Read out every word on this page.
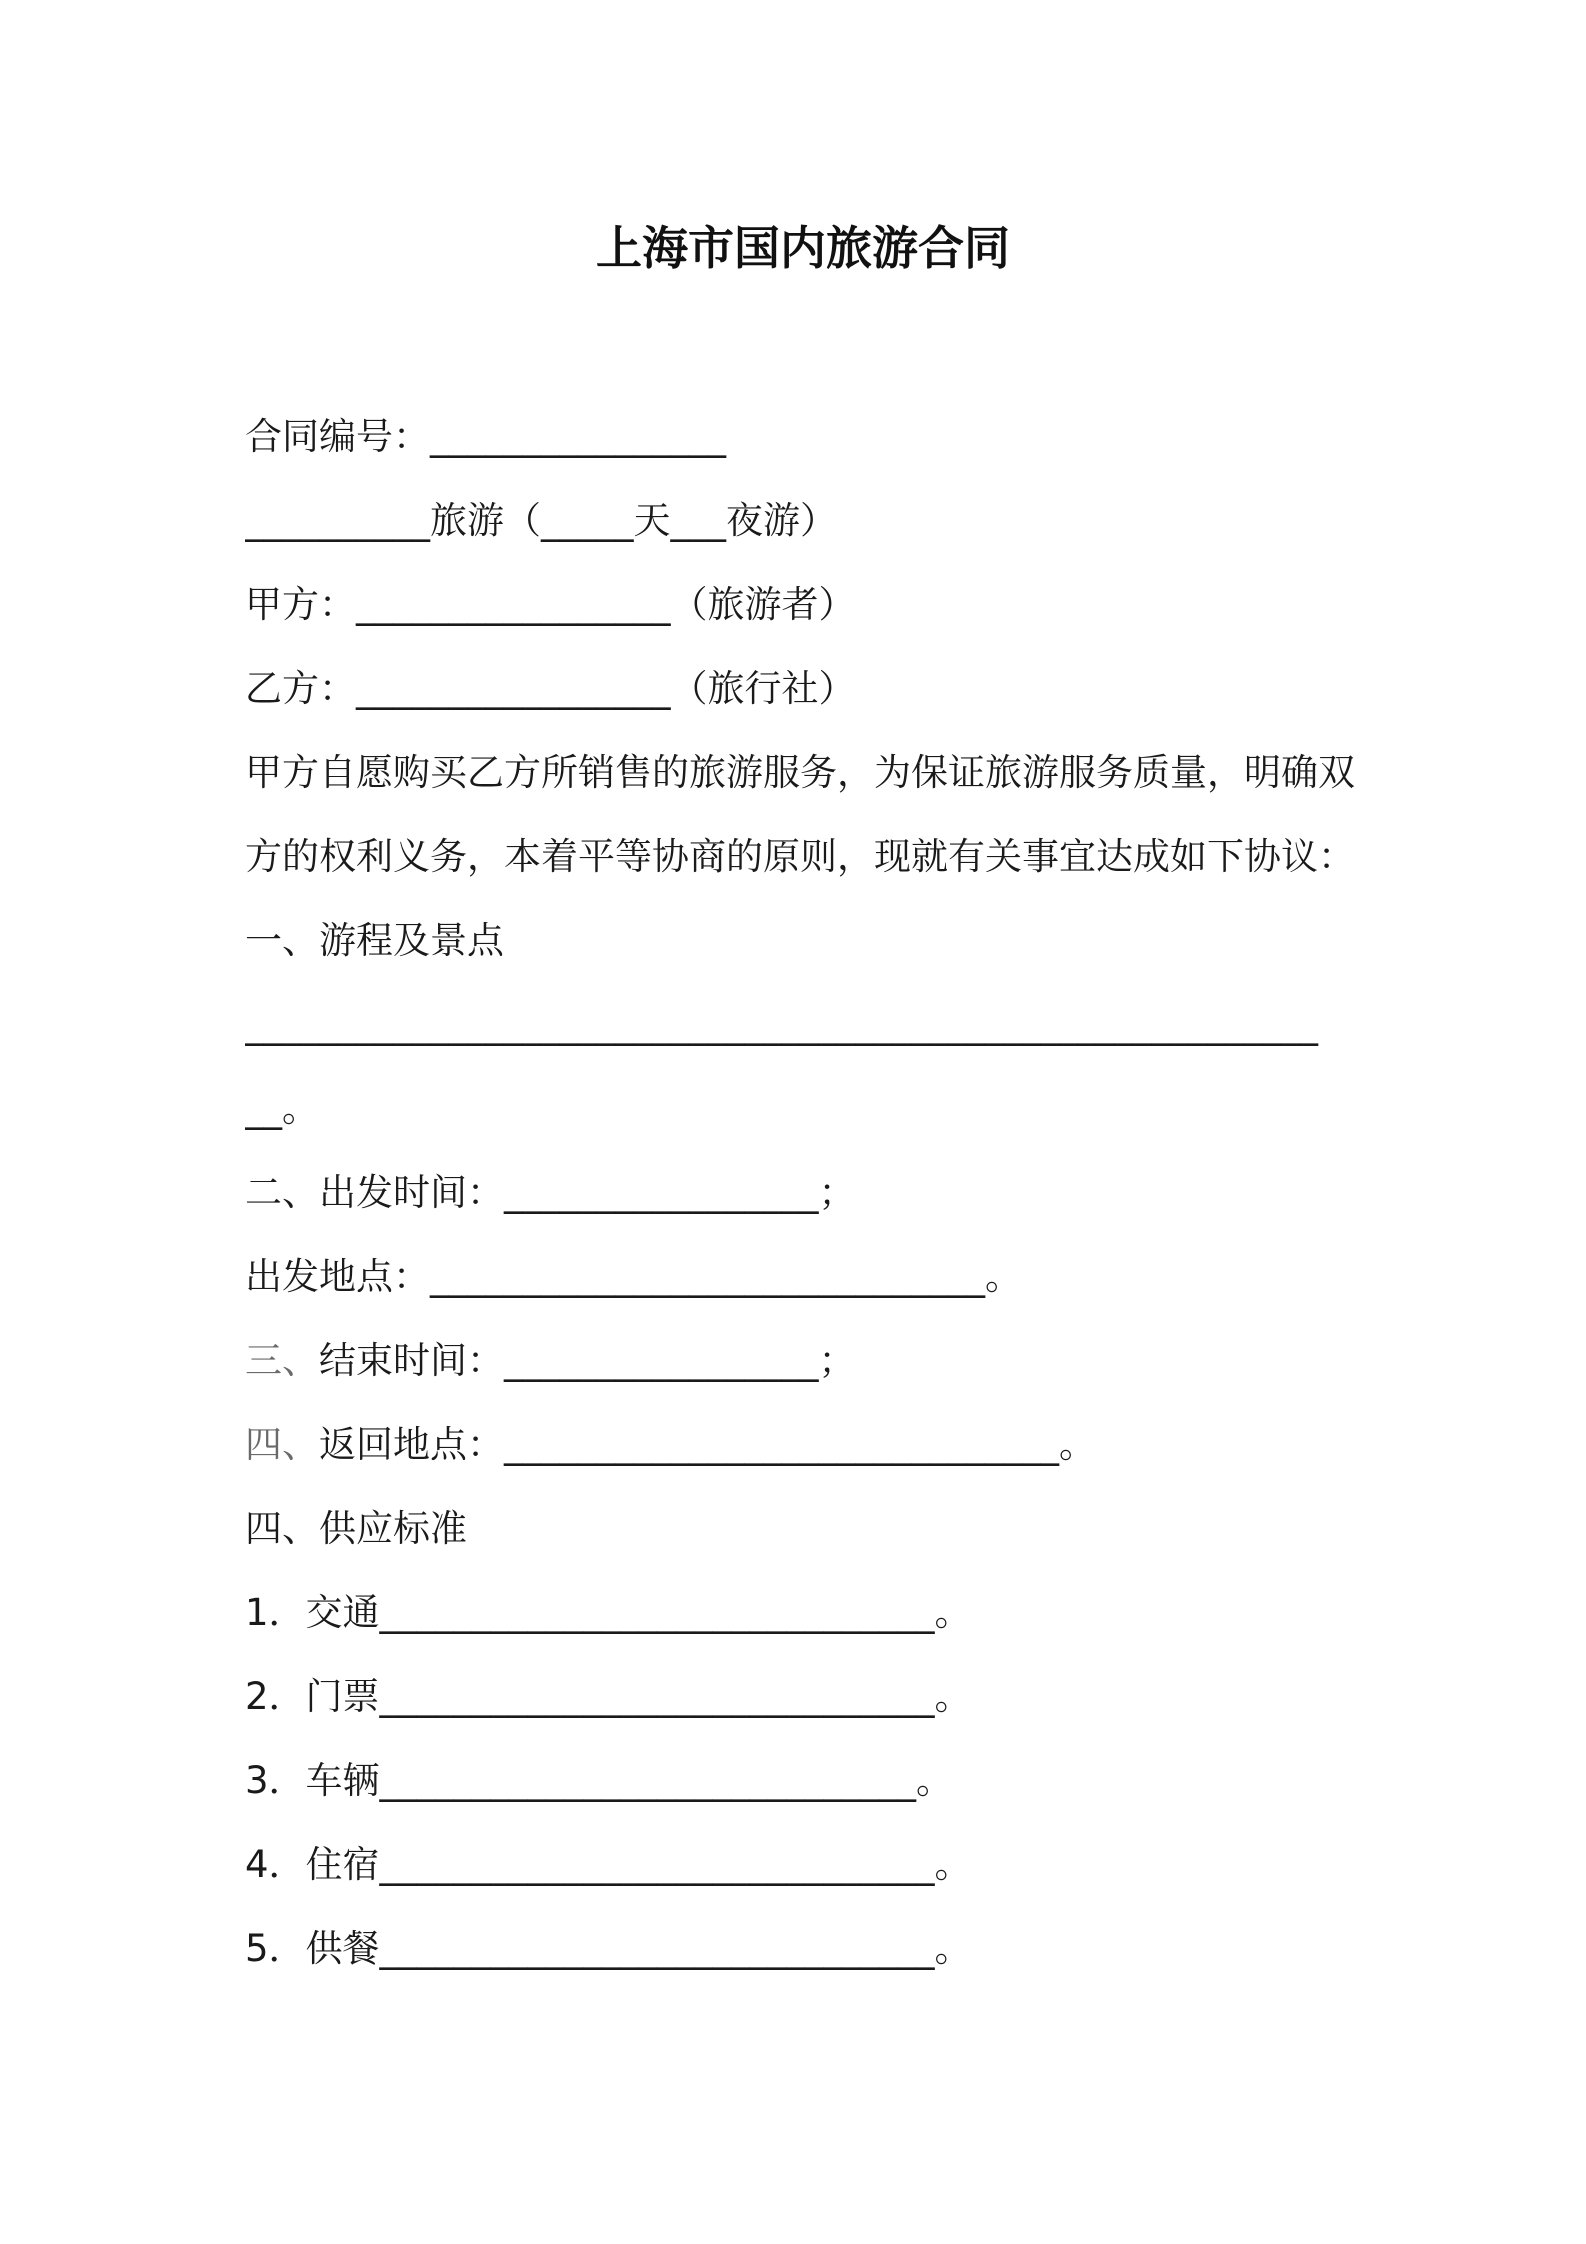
上海市国内旅游合同
合同编号：________________
__________旅游（_____天___夜游）
甲方：_________________（旅游者）
乙方：_________________（旅行社）
甲方自愿购买乙方所销售的旅游服务，为保证旅游服务质量，明确双
方的权利义务，本着平等协商的原则，现就有关事宜达成如下协议：
一、游程及景点
__________________________________________________________
__。
二、出发时间：_________________；
出发地点：______________________________。
三、结束时间：_________________；
四、返回地点：______________________________。
四、供应标准
1．交通______________________________。
2．门票______________________________。
3．车辆_____________________________。
4．住宿______________________________。
5．供餐______________________________。
